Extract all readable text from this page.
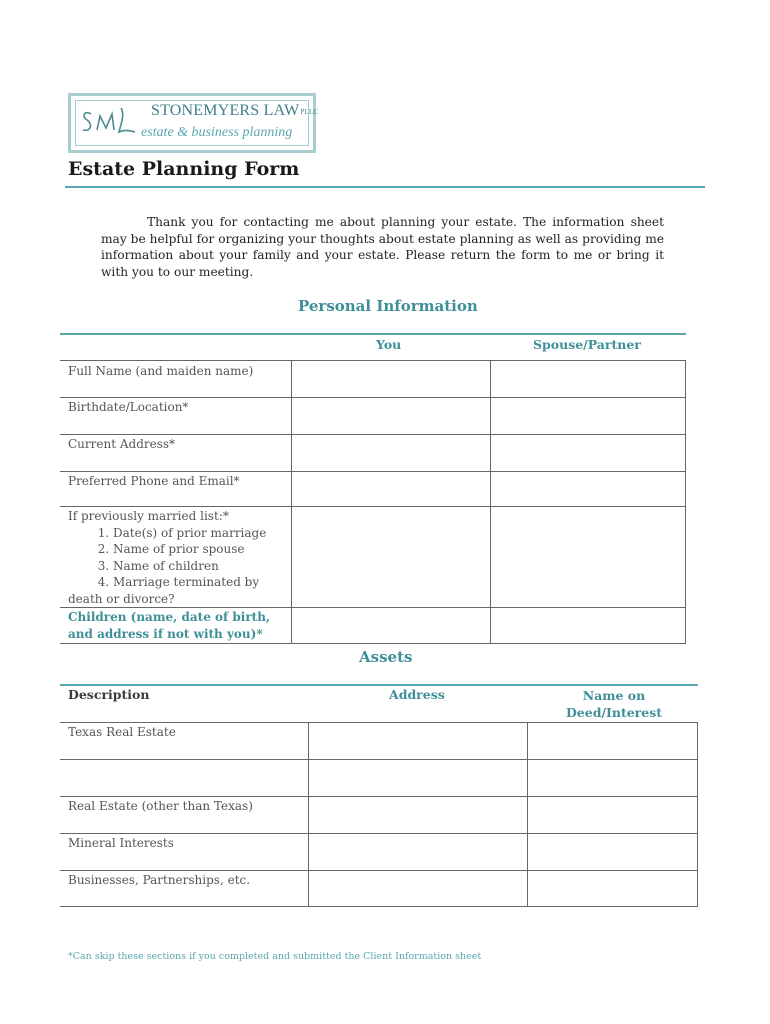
STONEMYERS LAWPLLC
estate & business planning
Estate Planning Form
Thank you for contacting me about planning your estate. The information sheet may be helpful for organizing your thoughts about estate planning as well as providing me information about your family and your estate. Please return the form to me or bring it with you to our meeting.
Personal Information
You	Spouse/Partner
Full Name (and maiden name)
Birthdate/Location*
Current Address*
Preferred Phone and Email*
If previously married list:*
1. Date(s) of prior marriage
2. Name of prior spouse
3. Name of children
4. Marriage terminated by
death or divorce?
Children (name, date of birth,
and address if not with you)*
Assets
Description	Address	Name on
Deed/Interest
Texas Real Estate
Real Estate (other than Texas)
Mineral Interests
Businesses, Partnerships, etc.
*Can skip these sections if you completed and submitted the Client Information sheet
